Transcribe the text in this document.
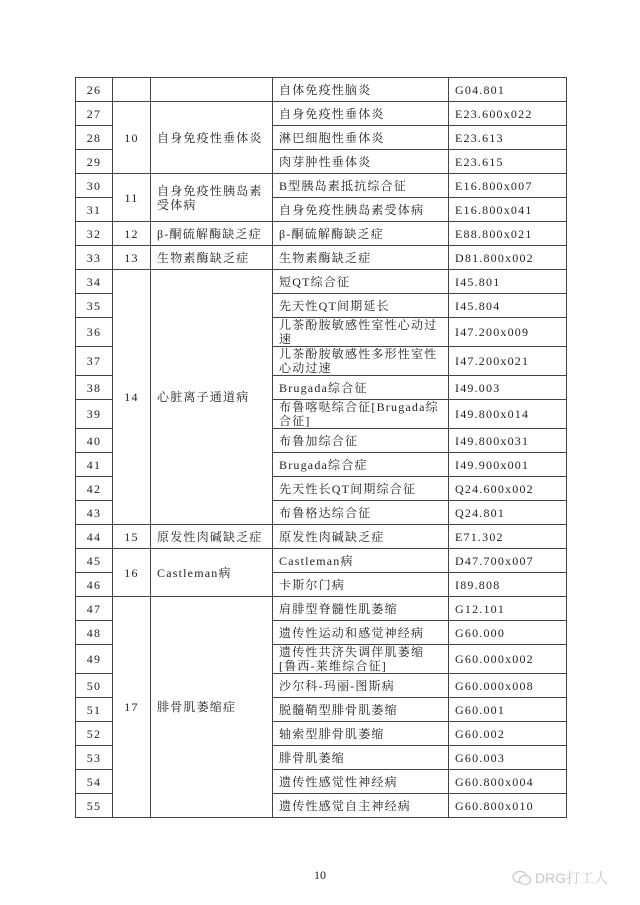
26			自体免疫性脑炎	G04.801
27	10	自身免疫性垂体炎	自身免疫性垂体炎	E23.600x022
28			淋巴细胞性垂体炎	E23.613
29			肉芽肿性垂体炎	E23.615
30	11	自身免疫性胰岛素受体病	B型胰岛素抵抗综合征	E16.800x007
31			自身免疫性胰岛素受体病	E16.800x041
32	12	β-酮硫解酶缺乏症	β-酮硫解酶缺乏症	E88.800x021
33	13	生物素酶缺乏症	生物素酶缺乏症	D81.800x002
34	14	心脏离子通道病	短QT综合征	I45.801
35			先天性QT间期延长	I45.804
36			儿茶酚胺敏感性室性心动过速	I47.200x009
37			儿茶酚胺敏感性多形性室性心动过速	I47.200x021
38			Brugada综合征	I49.003
39			布鲁喀哒综合征[Brugada综合征]	I49.800x014
40			布鲁加综合征	I49.800x031
41			Brugada综合症	I49.900x001
42			先天性长QT间期综合征	Q24.600x002
43			布鲁格达综合征	Q24.801
44	15	原发性肉碱缺乏症	原发性肉碱缺乏症	E71.302
45	16	Castleman病	Castleman病	D47.700x007
46			卡斯尔门病	I89.808
47	17	腓骨肌萎缩症	肩腓型脊髓性肌萎缩	G12.101
48			遗传性运动和感觉神经病	G60.000
49			遗传性共济失调伴肌萎缩[鲁西-莱维综合征]	G60.000x002
50			沙尔科-玛丽-图斯病	G60.000x008
51			脱髓鞘型腓骨肌萎缩	G60.001
52			轴索型腓骨肌萎缩	G60.002
53			腓骨肌萎缩	G60.003
54			遗传性感觉性神经病	G60.800x004
55			遗传性感觉自主神经病	G60.800x010
10	DRG打工人
